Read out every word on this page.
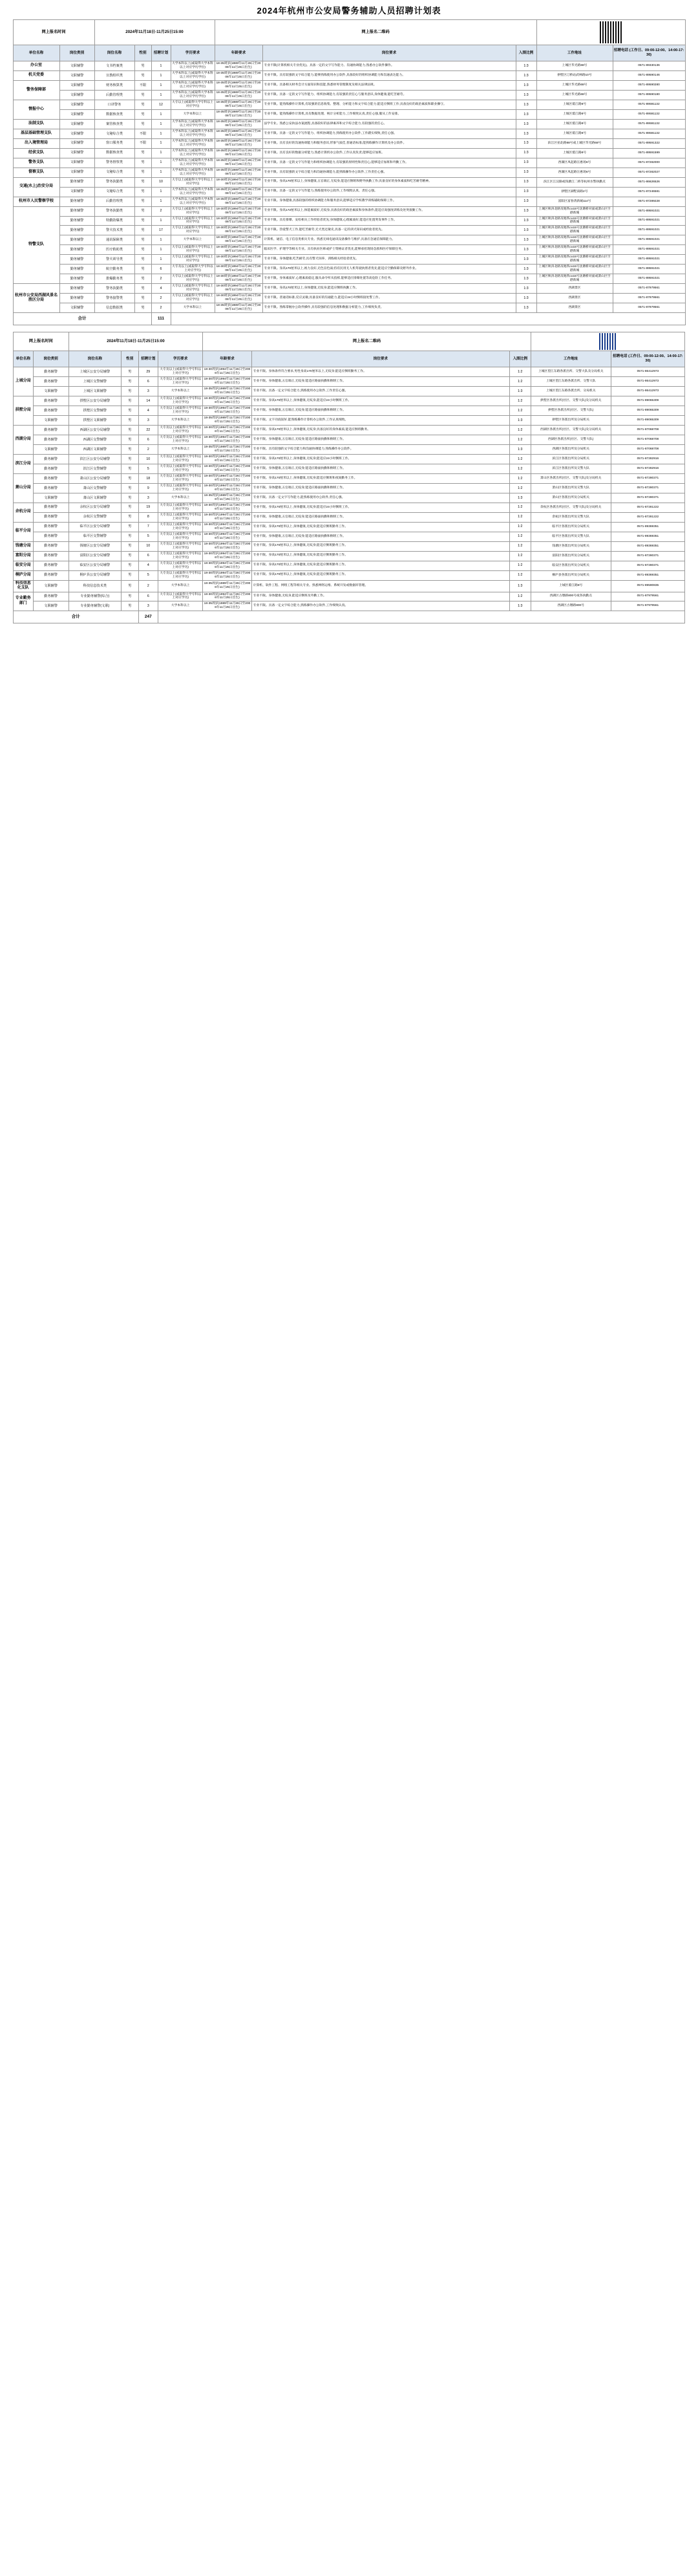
2024年杭州市公安局警务辅助人员招聘计划表
网上报名时间		2024年11月18日-11月25日15:00				网上报名二维码				

单位名称	岗位类别	岗位名称	性别	招聘计划	学历要求	年龄要求	岗位要求	入围比例	工作地址	招聘电话 (工作日、09:00-12:00、14:00-17:30)
办公室	文职辅警	文书档案类	男	1	大学本科以上(或取得大学本科以上对应学历学位)	18-35周岁(1989年11月26日至2006年11月25日出生)	专业不限(计算机相关专业优先)。具备一定的文字写作能力、沟通协调能力,熟悉办公软件操作。	1:3	上城区华光路68号	0571-89330136
机关党委	文职辅警	宣教组织类	男	1	大学本科以上(或取得大学本科以上对应学历学位)	18-35周岁(1989年11月26日至2006年11月25日出生)	专业不限。具有较强的文字综合能力,能够熟练使用办公软件,具备较好的组织协调能力和沟通表达能力。	1:3	拱墅区汀桥站武林路10号	0571-89590146
警务保障部	文职辅警	财务核算类	不限	1	大学本科以上(或取得大学本科以上对应学历学位)	18-35周岁(1989年11月26日至2006年11月25日出生)	专业不限。具备相关财务会计方面知识和技能,熟悉财务管理制度及相关法律法规。	1:3	上城区华光路68号	0571-89590280
	文职辅警	后勤管理类	男	1	大学本科以上(或取得大学本科以上对应学历学位)	18-35周岁(1989年11月26日至2006年11月25日出生)	专业不限。具备一定的文字写作能力、组织协调能力,有较强的责任心与服务意识,身体健康,能吃苦耐劳。	1:3	上城区华光路68号	0571-89590180
情报中心	文职辅警	口译警务	男	12	大专以上(或取得大学专科以上对应学历)	18-35周岁(1989年11月26日至2006年11月25日出生)	专业不限。能熟练操作计算机,有较强的信息收集、整理、分析能力和文字综合能力;能适应倒班工作;具备良好的政治素质和职业操守。	1:3	上城区婺江路8号	0571-89591132
	文职辅警	数据核查类	男	1	大学本科以上	18-35周岁(1989年11月26日至2006年11月25日出生)	专业不限。能熟练操作计算机,具有数据处理、统计分析能力,工作细致认真,责任心强,服从工作安排。	1:3	上城区婺江路8号	0571-89591132
法制支队	文职辅警	案管核查类	男	1	大学本科以上(或取得大学本科以上对应学历学位)	18-35周岁(1989年11月26日至2006年11月25日出生)	法学专业。熟悉公安执法办案流程,具备较好的法律素养和文字综合能力,有较强的责任心。	1:3	上城区婺江路8号	0571-89591132
基层基础管理支队	文职辅警	文秘综合类	不限	1	大学本科以上(或取得大学本科以上对应学历学位)	18-35周岁(1989年11月26日至2006年11月25日出生)	专业不限。具备一定的文字写作能力、组织协调能力,熟练使用办公软件,工作踏实细致,责任心强。	1:3	上城区婺江路8号	0571-89591132
出入境管理局	文职辅警	窗口服务类	不限	1	大学本科以上(或取得大学本科以上对应学历学位)	18-35周岁(1989年11月26日至2006年11月25日出生)	专业不限。具有良好的沟通协调能力和服务意识,形象气质佳,普通话标准,能熟练操作计算机及办公软件。	1:3	滨江区拍北路88号或上城区华光路68号	0571-89591322
经侦支队	文职辅警	数据核查类	男	1	大学本科以上(或取得大学本科以上对应学历学位)	18-35周岁(1989年11月26日至2006年11月25日出生)	专业不限。具有良好的数据分析能力,熟悉计算机办公软件,工作认真负责,能够适应加班。	1:3	上城区婺江路8号	0571-89591599
警务支队	文职辅警	警务督察类	男	1	大学本科以上(或取得大学本科以上对应学历学位)	18-35周岁(1989年11月26日至2006年11月25日出生)	专业不限。具备一定的文字写作能力和组织协调能力,有较强的原则性和责任心,能够适应加班和外勤工作。	1:3	西湖区凤起路汪惠场6号	0571-87282000
督察支队	文职辅警	文秘综合类	男	1	大学本科以上(或取得大学本科以上对应学历学位)	18-35周岁(1989年11月26日至2006年11月25日出生)	专业不限。具有较强的文字综合能力和沟通协调能力,能熟练操作办公软件,工作责任心强。	1:3	西湖区凤起路汪惠场6号	0571-87282027
交通(水上)治安分局	勤务辅警	警务执勤类	男	10	大专以上(或取得大学专科以上对应学历)	18-30周岁(1994年11月26日至2006年11月25日出生)	专业不限。身高170厘米以上,身体健康,五官端正,无纹身,能适应倒班和野外执勤工作;具备良好的身体素质和吃苦耐劳精神。	1:3	滨江区江汉路或钱塘江二桥等杭州水警执勤点	0571-86626526
	文职辅警	文秘综合类	男	1	大学本科以上(或取得大学本科以上对应学历学位)	18-35周岁(1989年11月26日至2006年11月25日出生)	专业不限。具备一定的文字写作能力,熟练使用办公软件,工作细致认真、责任心强。	1:3	拱墅区湖墅南路2号	0571-87246581
杭州市人民警察学校	勤务辅警	后勤管理类	男	1	大学本科以上(或取得大学本科以上对应学历学位)	18-35周岁(1989年11月26日至2006年11月25日出生)	专业不限。身体健康,具备较强的组织协调能力和服务意识,能够适应学校教学训练辅助保障工作。	1:3	富阳区富春湾新城114号	0571-87289228
特警支队	勤务辅警	警务执勤类	男	2	大专以上(或取得大学专科以上对应学历)	18-30周岁(1994年11月26日至2006年11月25日出生)	专业不限。身高172厘米以上,体能素质好,无纹身,具备良好的政治素质和身体条件,能适应高强度训练及处突备勤工作。	1:3	上城区秋涛北路及地铁co15号沈塘桥对面或萧山区空港新城	0571-89591021
	勤务辅警	特勤防爆类	男	1	大专以上(或取得大学专科以上对应学历)	18-30周岁(1994年11月26日至2006年11月25日出生)	专业不限。具有排爆、安检相关工作经验者优先;身体健康,心理素质好,能适应处置突发事件工作。	1:3	上城区秋涛北路及地铁co15号沈塘桥对面或萧山区空港新城	0571-89591021
	勤务辅警	警犬技术类	男	17	大专以上(或取得大学专科以上对应学历)	18-30周岁(1994年11月26日至2006年11月25日出生)	专业不限。热爱警犬工作,能吃苦耐劳,无犬类过敏史,具备一定的训犬知识或经验者优先。	1:3	上城区秋涛北路及地铁co15号沈塘桥对面或萧山区空港新城	0571-89591021
	勤务辅警	通讯保障类	男	1	大学本科以上	18-30周岁(1994年11月26日至2006年11月25日出生)	计算机、通信、电子信息类相关专业。熟悉无线电通讯设备操作与维护,具备应急通信保障能力。	1:3	上城区秋涛北路及地铁co15号沈塘桥对面或萧山区空港新城	0571-89591021
	勤务辅警	医疗救助类	男	1	大专以上(或取得大学专科以上对应学历)	18-30周岁(1994年11月26日至2006年11月25日出生)	临床医学、护理学等相关专业。具有执业医师或护士资格证者优先,能够承担现场急救和医疗保障任务。	1:3	上城区秋涛北路及地铁co15号沈塘桥对面或萧山区空港新城	0571-89591021
	勤务辅警	警犬训导类	男	1	大专以上(或取得大学专科以上对应学历)	18-30周岁(1994年11月26日至2006年11月25日出生)	专业不限。身体健康,吃苦耐劳,具有警犬饲养、训练相关经验者优先。	1:3	上城区秋涛北路及地铁co15号沈塘桥对面或萧山区空港新城	0571-89591021
	勤务辅警	航空勤务类	男	6	大专及以上(或取得大学专科以上对应学历)	18-30周岁(1994年11月26日至2006年11月25日出生)	专业不限。身高170厘米以上,视力良好,无色盲色弱;持有民用无人机驾驶执照者优先;能适应空勤保障及野外作业。	1:3	上城区秋涛北路及地铁co15号沈塘桥对面或萧山区空港新城	0571-89591021
	勤务辅警	排爆勤务类	男	2	大专以上(或取得大学专科以上对应学历)	18-30周岁(1994年11月26日至2006年11月25日出生)	专业不限。身体素质好,心理素质稳定,服从命令听从指挥,能够适应排爆处置等高危险工作任务。	1:3	上城区秋涛北路及地铁co15号沈塘桥对面或萧山区空港新城	0571-89591021
杭州市公安局西湖风景名胜区分局	勤务辅警	警务执勤类	男	4	大专以上(或取得大学专科以上对应学历)	18-30周岁(1994年11月26日至2006年11月25日出生)	专业不限。身高170厘米以上,身体健康,无纹身,能适应倒班执勤工作。	1:3	西湖景区	0571-87979561
	勤务辅警	警务接警类	男	2	大专以上(或取得大学专科以上对应学历)	18-30周岁(1994年11月26日至2006年11月25日出生)	专业不限。普通话标准,反应灵敏,具备良好的沟通能力,能适应24小时倒班接处警工作。	1:3	西湖景区	0571-87979561
	文职辅警	信息数据类	男	2	大学本科以上	18-35周岁(1989年11月26日至2006年11月25日出生)	专业不限。熟练掌握办公软件操作,具有较强的信息处理和数据分析能力,工作细致负责。	1:3	西湖景区	0571-87979561
合计				111						
网上报名时间		2024年11月18日-11月25日15:00				网上报名二维码				

单位名称	岗位类别	岗位名称	性别	招聘计划	学历要求	年龄要求	岗位要求	入围比例	工作地址	招聘电话 (工作日、09:00-12:00、14:00-17:30)
上城分局	勤务辅警	上城区公安分局辅警	男	29	大专及以上(或取得大学专科以上对应学历)	18-30周岁(1994年11月26日至2006年11月25日出生)	专业不限。身体条件符合要求,男性身高170厘米以上,无纹身;能适应倒班勤务工作。	1:2	上城区望江东路各派出所、交警大队及分局机关	0571-86412973
	勤务辅警	上城区交警辅警	男	6	大专及以上(或取得大学专科以上对应学历)	18-30周岁(1994年11月26日至2006年11月25日出生)	专业不限。身体健康,五官端正,无纹身;能适应路面执勤和倒班工作。	1:2	上城区望江东路各派出所、交警大队	0571-86412973
	文职辅警	上城区文职辅警	男	3	大学本科以上	18-35周岁(1989年11月26日至2006年11月25日出生)	专业不限。具备一定文字综合能力,熟练使用办公软件,工作责任心强。	1:3	上城区望江东路各派出所、分局机关	0571-86412973
拱墅分局	勤务辅警	拱墅区公安分局辅警	男	14	大专及以上(或取得大学专科以上对应学历)	18-30周岁(1994年11月26日至2006年11月25日出生)	专业不限。身高170厘米以上,身体健康,无纹身,能适应24小时倒班工作。	1:2	拱墅区各派出所(社区、交警大队)及分局机关	0571-89065309
	勤务辅警	拱墅区交警辅警	男	4	大专及以上(或取得大学专科以上对应学历)	18-30周岁(1994年11月26日至2006年11月25日出生)	专业不限。身体健康,五官端正,无纹身;能适应路面执勤和倒班工作。	1:2	拱墅区各派出所(社区、交警大队)	0571-89065309
	文职辅警	拱墅区文职辅警	男	3	大学本科以上	18-35周岁(1989年11月26日至2006年11月25日出生)	专业不限。文字功底较好,能熟练操作计算机办公软件,工作认真细致。	1:3	拱墅区各派出所及分局机关	0571-89065309
西湖分局	勤务辅警	西湖区公安分局辅警	男	22	大专及以上(或取得大学专科以上对应学历)	18-30周岁(1994年11月26日至2006年11月25日出生)	专业不限。身高170厘米以上,身体健康,无纹身;具备良好的身体素质,能适应倒班勤务。	1:2	西湖区各派出所(社区、交警大队)及分局机关	0571-87068708
	勤务辅警	西湖区交警辅警	男	6	大专及以上(或取得大学专科以上对应学历)	18-30周岁(1994年11月26日至2006年11月25日出生)	专业不限。身体健康,五官端正,无纹身;能适应路面执勤和倒班工作。	1:2	西湖区各派出所(社区、交警大队)	0571-87068708
	文职辅警	西湖区文职辅警	男	2	大学本科以上	18-35周岁(1989年11月26日至2006年11月25日出生)	专业不限。具有较强的文字综合能力和沟通协调能力,熟练操作办公软件。	1:3	西湖区各派出所及分局机关	0571-87068708
滨江分局	勤务辅警	滨江区公安分局辅警	男	10	大专及以上(或取得大学专科以上对应学历)	18-30周岁(1994年11月26日至2006年11月25日出生)	专业不限。身高170厘米以上,身体健康,无纹身;能适应24小时倒班工作。	1:2	滨江区各派出所及分局机关	0571-87282916
	勤务辅警	滨江区交警辅警	男	5	大专及以上(或取得大学专科以上对应学历)	18-30周岁(1994年11月26日至2006年11月25日出生)	专业不限。身体健康,五官端正,无纹身;能适应路面执勤和倒班工作。	1:2	滨江区各派出所及交警大队	0571-87282916
萧山分局	勤务辅警	萧山区公安分局辅警	男	18	大专及以上(或取得大学专科以上对应学历)	18-30周岁(1994年11月26日至2006年11月25日出生)	专业不限。身高170厘米以上,身体健康,无纹身;能适应倒班和夜间勤务工作。	1:2	萧山区各派出所(社区、交警大队)及分局机关	0571-87280371
	勤务辅警	萧山区交警辅警	男	9	大专及以上(或取得大学专科以上对应学历)	18-30周岁(1994年11月26日至2006年11月25日出生)	专业不限。身体健康,五官端正,无纹身;能适应路面执勤和倒班工作。	1:2	萧山区各派出所及交警大队	0571-87280371
	文职辅警	萧山区文职辅警	男	3	大学本科以上	18-35周岁(1989年11月26日至2006年11月25日出生)	专业不限。具备一定文字写作能力,能熟练使用办公软件,责任心强。	1:3	萧山区各派出所及分局机关	0571-87280371
余杭分局	勤务辅警	余杭区公安分局辅警	男	19	大专及以上(或取得大学专科以上对应学历)	18-30周岁(1994年11月26日至2006年11月25日出生)	专业不限。身高170厘米以上,身体健康,无纹身;能适应24小时倒班工作。	1:2	余杭区各派出所(社区、交警大队)及分局机关	0571-87281222
	勤务辅警	余杭区交警辅警	男	8	大专及以上(或取得大学专科以上对应学历)	18-30周岁(1994年11月26日至2006年11月25日出生)	专业不限。身体健康,五官端正,无纹身;能适应路面执勤和倒班工作。	1:2	余杭区各派出所及交警大队	0571-87281222
临平分局	勤务辅警	临平区公安分局辅警	男	7	大专及以上(或取得大学专科以上对应学历)	18-30周岁(1994年11月26日至2006年11月25日出生)	专业不限。身高170厘米以上,身体健康,无纹身;能适应倒班勤务工作。	1:2	临平区各派出所及分局机关	0571-89369351
	勤务辅警	临平区交警辅警	男	5	大专及以上(或取得大学专科以上对应学历)	18-30周岁(1994年11月26日至2006年11月25日出生)	专业不限。身体健康,五官端正,无纹身;能适应路面执勤和倒班工作。	1:2	临平区各派出所及交警大队	0571-89369351
钱塘分局	勤务辅警	钱塘区公安分局辅警	男	10	大专及以上(或取得大学专科以上对应学历)	18-30周岁(1994年11月26日至2006年11月25日出生)	专业不限。身高170厘米以上,身体健康,无纹身;能适应倒班勤务工作。	1:2	钱塘区各派出所及分局机关	0571-89369351
富阳分局	勤务辅警	富阳区公安分局辅警	男	6	大专及以上(或取得大学专科以上对应学历)	18-30周岁(1994年11月26日至2006年11月25日出生)	专业不限。身高170厘米以上,身体健康,无纹身;能适应倒班勤务工作。	1:2	富阳区各派出所及分局机关	0571-87280371
临安分局	勤务辅警	临安区公安分局辅警	男	4	大专及以上(或取得大学专科以上对应学历)	18-30周岁(1994年11月26日至2006年11月25日出生)	专业不限。身高170厘米以上,身体健康,无纹身;能适应倒班勤务工作。	1:2	临安区各派出所及分局机关	0571-87280371
桐庐分局	勤务辅警	桐庐县公安分局辅警	男	5	大专及以上(或取得大学专科以上对应学历)	18-30周岁(1994年11月26日至2006年11月25日出生)	专业不限。身高170厘米以上,身体健康,无纹身;能适应倒班勤务工作。	1:2	桐庐县各派出所及分局机关	0571-89369351
科技信息化支队	文职辅警	科技信息技术类	男	2	大学本科以上	18-35周岁(1989年11月26日至2006年11月25日出生)	计算机、软件工程、网络工程等相关专业。熟悉网络运维、系统开发或数据库管理。	1:3	上城区婺江路8号	0571-89590835
专业勤务部门	勤务辅警	专业勤务辅警(综合)	男	6	大专及以上(或取得大学专科以上对应学历)	18-30周岁(1994年11月26日至2006年11月25日出生)	专业不限。身体健康,无纹身,能适应倒班及外勤工作。	1:2	西湖区古墩路800号或各执勤点	0571-87979561
	文职辅警	专业勤务辅警(文职)	男	3	大学本科以上	18-35周岁(1989年11月26日至2006年11月25日出生)	专业不限。具备一定文字综合能力,熟练操作办公软件,工作细致认真。	1:3	西湖区古墩路800号	0571-87979561
合计				247						
